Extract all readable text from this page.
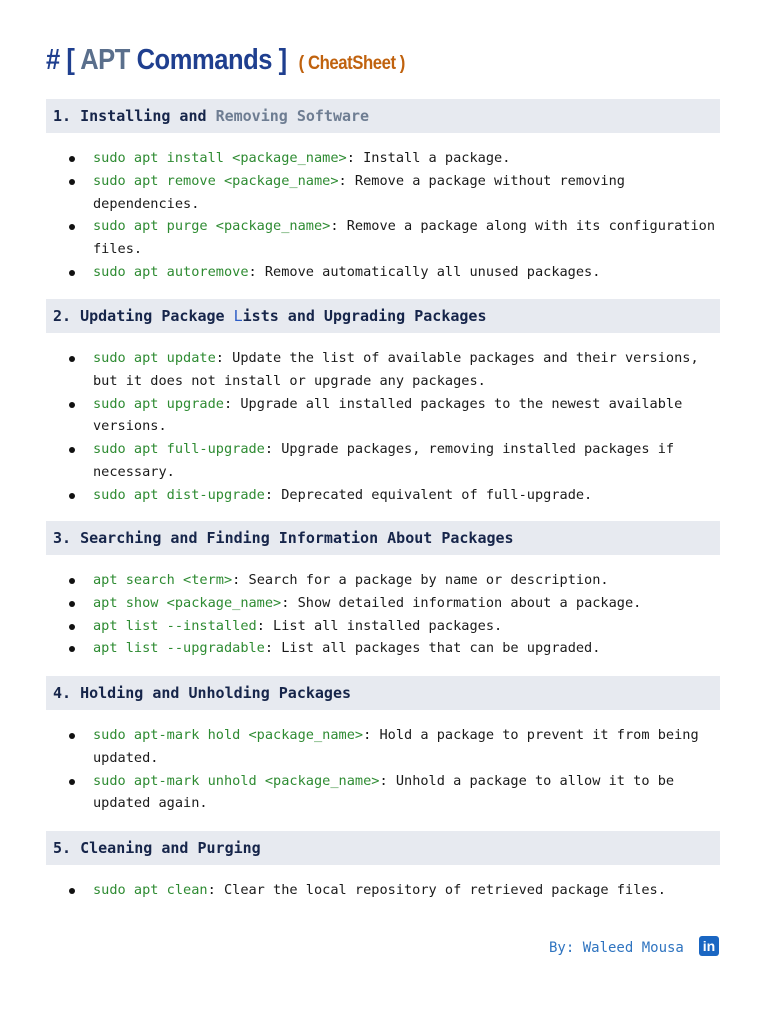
# [ APT Commands ] ( CheatSheet )
1. Installing and Removing Software
sudo apt install <package_name>: Install a package.
sudo apt remove <package_name>: Remove a package without removing dependencies.
sudo apt purge <package_name>: Remove a package along with its configuration files.
sudo apt autoremove: Remove automatically all unused packages.
2. Updating Package L ists and Upgrading Packages
sudo apt update: Update the list of available packages and their versions, but it does not install or upgrade any packages.
sudo apt upgrade: Upgrade all installed packages to the newest available versions.
sudo apt full-upgrade: Upgrade packages, removing installed packages if necessary.
sudo apt dist-upgrade: Deprecated equivalent of full-upgrade.
3. Searching and Finding Information About Packages
apt search <term>: Search for a package by name or description.
apt show <package_name>: Show detailed information about a package.
apt list --installed: List all installed packages.
apt list --upgradable: List all packages that can be upgraded.
4. Holding and Unholding Packages
sudo apt-mark hold <package_name>: Hold a package to prevent it from being updated.
sudo apt-mark unhold <package_name>: Unhold a package to allow it to be updated again.
5. Cleaning and Purging
sudo apt clean: Clear the local repository of retrieved package files.
By: Waleed Mousa in
